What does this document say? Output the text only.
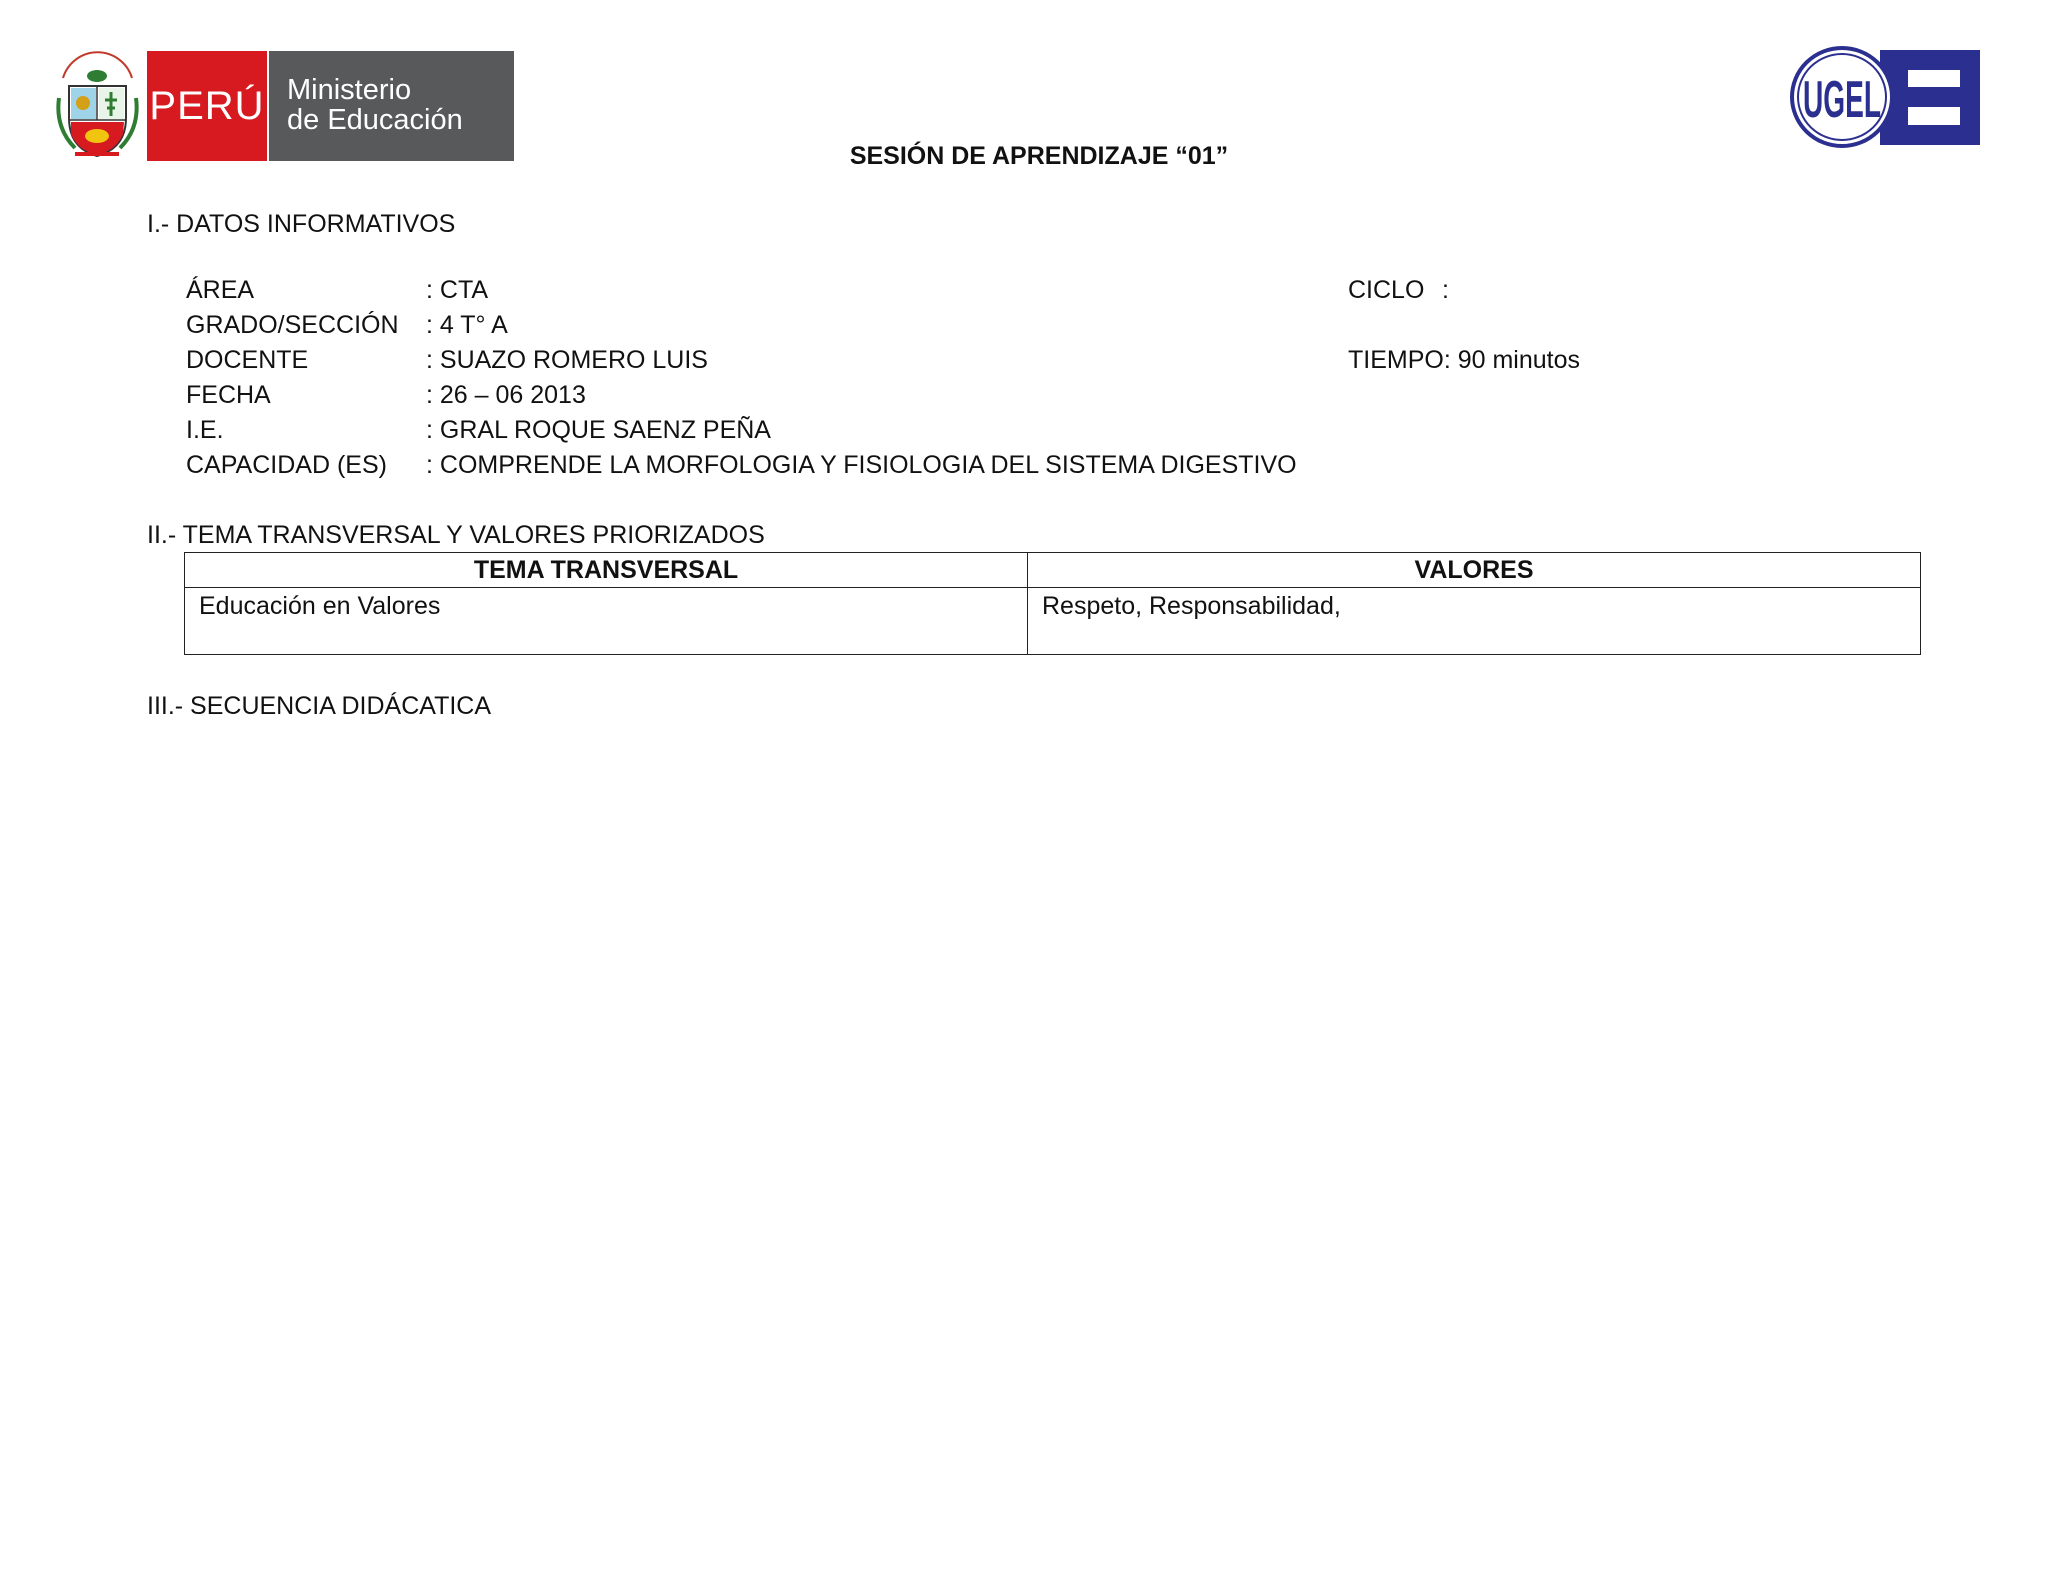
PERÚ Ministerio
de Educación	UGEL
SESIÓN DE APRENDIZAJE “01”
I.- DATOS INFORMATIVOS
ÁREA	: CTA	CICLO :
GRADO/SECCIÓN : 4 T° A
DOCENTE	: SUAZO ROMERO LUIS	TIEMPO: 90 minutos
FECHA	: 26 – 06 2013
I.E.	: GRAL ROQUE SAENZ PEÑA
CAPACIDAD (ES) : COMPRENDE LA MORFOLOGIA Y FISIOLOGIA DEL SISTEMA DIGESTIVO
II.- TEMA TRANSVERSAL Y VALORES PRIORIZADOS
TEMA TRANSVERSAL	VALORES
Educación en Valores	Respeto, Responsabilidad,
III.- SECUENCIA DIDÁCATICA
